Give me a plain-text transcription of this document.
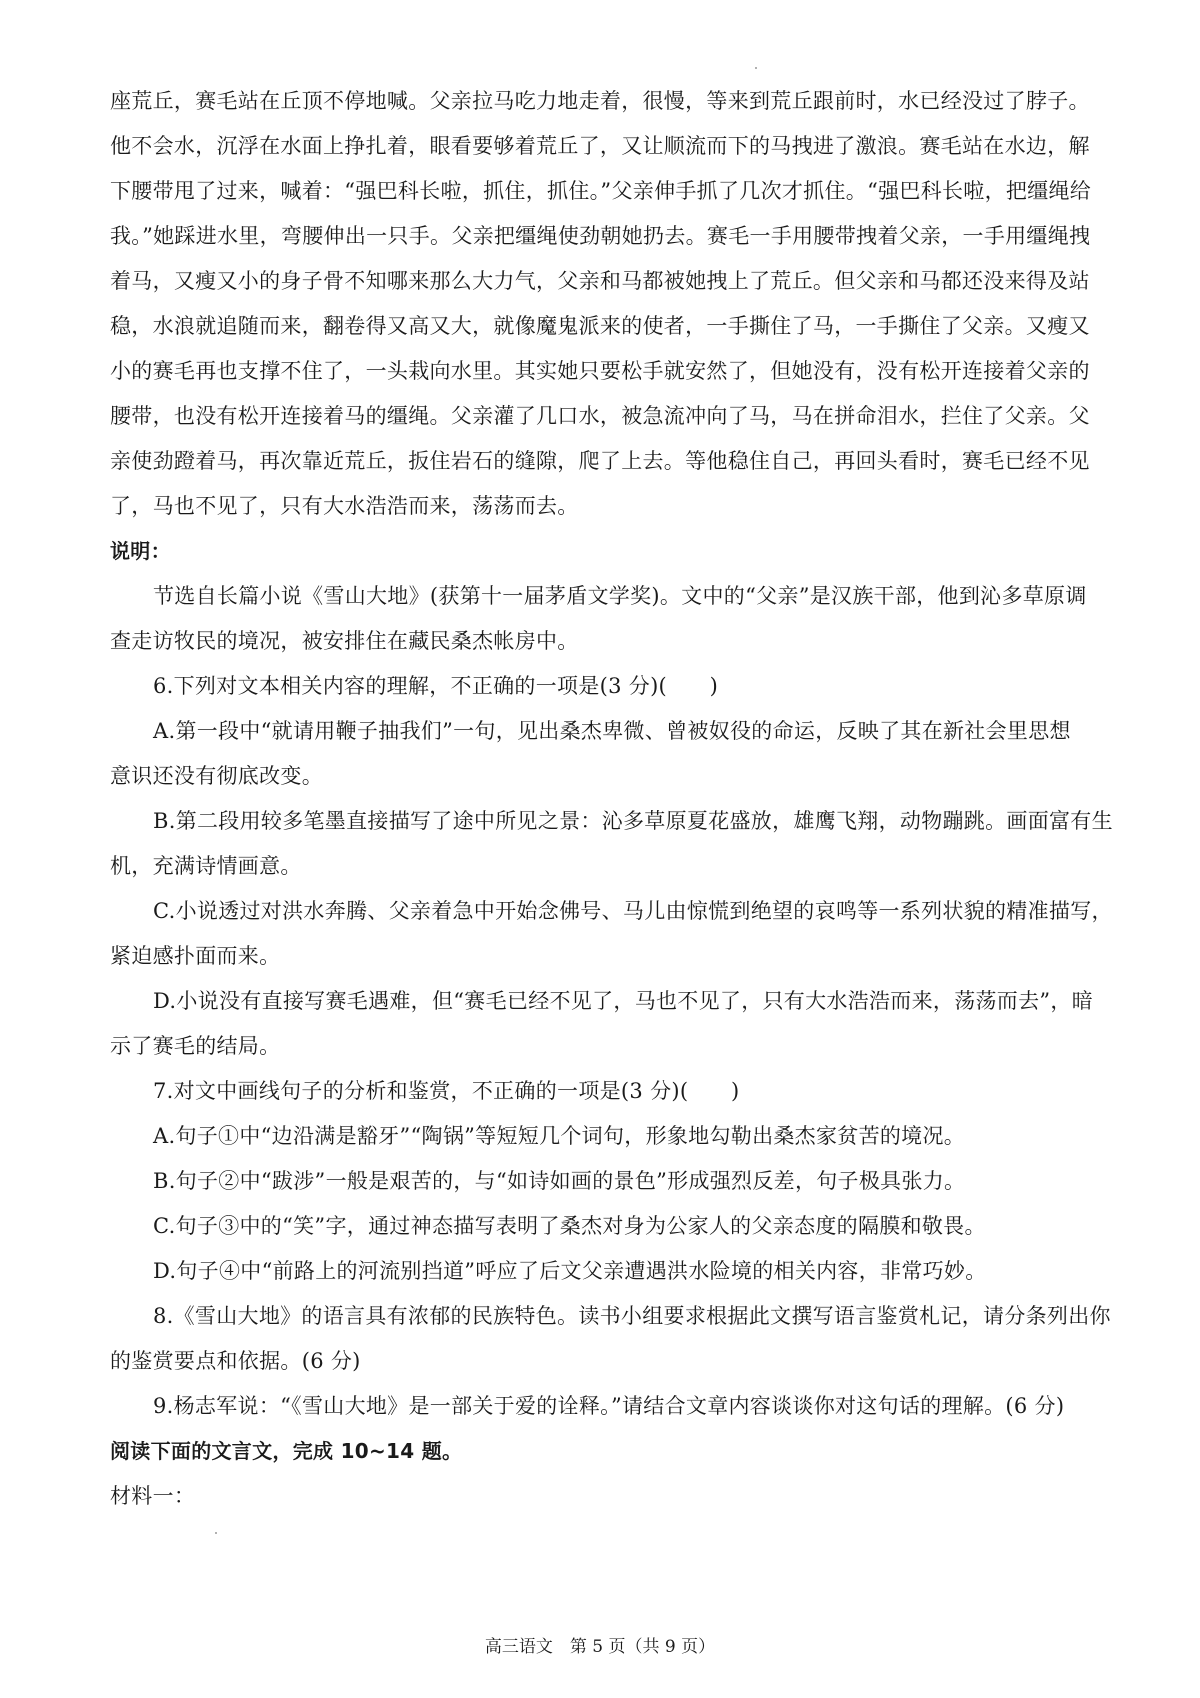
座荒丘，赛毛站在丘顶不停地喊。父亲拉马吃力地走着，很慢，等来到荒丘跟前时，水已经没过了脖子。
他不会水，沉浮在水面上挣扎着，眼看要够着荒丘了，又让顺流而下的马拽进了激浪。赛毛站在水边，解
下腰带甩了过来，喊着：“强巴科长啦，抓住，抓住。”父亲伸手抓了几次才抓住。“强巴科长啦，把缰绳给
我。”她踩进水里，弯腰伸出一只手。父亲把缰绳使劲朝她扔去。赛毛一手用腰带拽着父亲，一手用缰绳拽
着马，又瘦又小的身子骨不知哪来那么大力气，父亲和马都被她拽上了荒丘。但父亲和马都还没来得及站
稳，水浪就追随而来，翻卷得又高又大，就像魔鬼派来的使者，一手撕住了马，一手撕住了父亲。又瘦又
小的赛毛再也支撑不住了，一头栽向水里。其实她只要松手就安然了，但她没有，没有松开连接着父亲的
腰带，也没有松开连接着马的缰绳。父亲灌了几口水，被急流冲向了马，马在拼命泪水，拦住了父亲。父
亲使劲蹬着马，再次靠近荒丘，扳住岩石的缝隙，爬了上去。等他稳住自己，再回头看时，赛毛已经不见
了，马也不见了，只有大水浩浩而来，荡荡而去。
说明：
节选自长篇小说《雪山大地》(获第十一届茅盾文学奖)。文中的“父亲”是汉族干部，他到沁多草原调
查走访牧民的境况，被安排住在藏民桑杰帐房中。
6.下列对文本相关内容的理解，不正确的一项是(3 分)(　　)
A.第一段中“就请用鞭子抽我们”一句，见出桑杰卑微、曾被奴役的命运，反映了其在新社会里思想
意识还没有彻底改变。
B.第二段用较多笔墨直接描写了途中所见之景：沁多草原夏花盛放，雄鹰飞翔，动物蹦跳。画面富有生
机，充满诗情画意。
C.小说透过对洪水奔腾、父亲着急中开始念佛号、马儿由惊慌到绝望的哀鸣等一系列状貌的精准描写，
紧迫感扑面而来。
D.小说没有直接写赛毛遇难，但“赛毛已经不见了，马也不见了，只有大水浩浩而来，荡荡而去”，暗
示了赛毛的结局。
7.对文中画线句子的分析和鉴赏，不正确的一项是(3 分)(　　)
A.句子①中“边沿满是豁牙”“陶锅”等短短几个词句，形象地勾勒出桑杰家贫苦的境况。
B.句子②中“跋涉”一般是艰苦的，与“如诗如画的景色”形成强烈反差，句子极具张力。
C.句子③中的“笑”字，通过神态描写表明了桑杰对身为公家人的父亲态度的隔膜和敬畏。
D.句子④中“前路上的河流别挡道”呼应了后文父亲遭遇洪水险境的相关内容，非常巧妙。
8.《雪山大地》的语言具有浓郁的民族特色。读书小组要求根据此文撰写语言鉴赏札记，请分条列出你
的鉴赏要点和依据。(6 分)
9.杨志军说：“《雪山大地》是一部关于爱的诠释。”请结合文章内容谈谈你对这句话的理解。(6 分)
阅读下面的文言文，完成 10~14 题。
材料一：
高三语文　第 5 页（共 9 页）
